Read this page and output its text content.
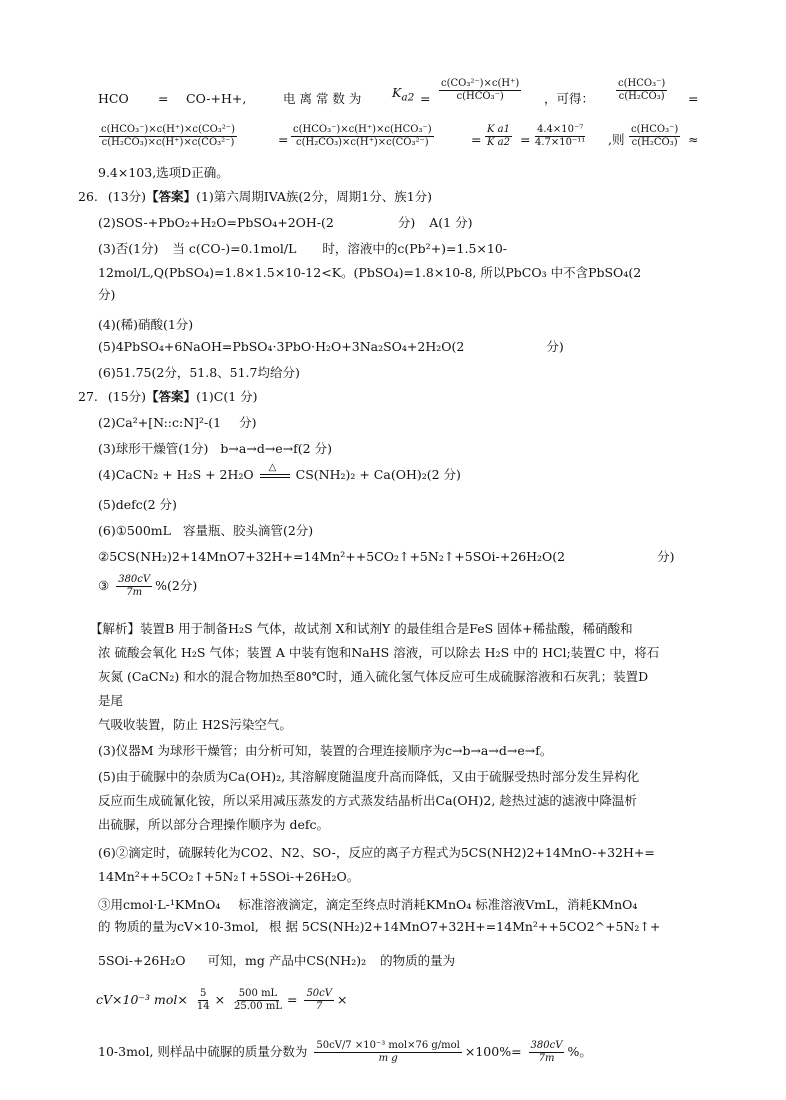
HCO = CO-+H+,	电 离 常 数 为 $K_{a2}$ =
c(CO₃²⁻)×c(H⁺)
c(HCO₃⁻)	，可得：
c(HCO₃⁻)
c(H₂CO₃) =
c(HCO₃⁻)×c(H⁺)×c(CO₃²⁻)
c(H₂CO₃)×c(H⁺)×c(CO₃²⁻)	=
c(HCO₃⁻)×c(H⁺)×c(HCO₃⁻)
c(H₂CO₃)×c(H⁺)×c(CO₃²⁻)	= $\frac{\text{K a1}}{\text{K a2}} = \frac{\text{4.4×10⁻⁷}}{\text{4.7×10⁻¹¹}}$ ,则
c(HCO₃⁻)
c(H₂CO₃) ≈
9.4×103,选项D正确。
26. (13分)【答案】(1)第六周期IVA族(2分，周期1分、族1分)
(2)SOS-+PbO₂+H₂O=PbSO₄+2OH-(2	分) A(1 分)
(3)否(1分) 当 c(CO-)=0.1mol/L 时，溶液中的c(Pb²+)=1.5×10-
12mol/L,Q(PbSO₄)=1.8×1.5×10-12<K。(PbSO₄)=1.8×10-8, 所以PbCO₃ 中不含PbSO₄(2
分)
(4)(稀)硝酸(1分)
(5)4PbSO₄+6NaOH=PbSO₄·3PbO·H₂O+3Na₂SO₄+2H₂O(2	分)
(6)51.75(2分，51.8、51.7均给分)
27. (15分)【答案】(1)C(1 分)
(2)Ca²+[N::c:N]²-(1 分)
(3)球形干燥管(1分) b→a→d→e→f(2 分)
(4)CaCN₂ + H₂S + 2H₂O △ CS(NH₂)₂ + Ca(OH)₂(2 分)
(5)defc(2 分)
(6)①500mL 容量瓶、胶头滴管(2分)
②5CS(NH₂)2+14MnO7+32H+=14Mn²++5CO₂↑+5N₂↑+5SOi-+26H₂O(2	分)
③ $\frac{380cV}{7m} \%(2$分)
【解析】装置B 用于制备H₂S 气体，故试剂 X和试剂Y 的最佳组合是FeS 固体+稀盐酸，稀硝酸和
浓 硫酸会氧化 H₂S 气体；装置 A 中装有饱和NaHS 溶液，可以除去 H₂S 中的 HCl;装置C 中，将石
灰氮 (CaCN₂) 和水的混合物加热至80℃时，通入硫化氢气体反应可生成硫脲溶液和石灰乳；装置D
是尾
气吸收装置，防止 H2S污染空气。
(3)仪器M 为球形干燥管；由分析可知，装置的合理连接顺序为c→b→a→d→e→f。
(5)由于硫脲中的杂质为Ca(OH)₂, 其溶解度随温度升高而降低，又由于硫脲受热时部分发生异构化
反应而生成硫氰化铵，所以采用减压蒸发的方式蒸发结晶析出Ca(OH)2, 趁热过滤的滤液中降温析
出硫脲，所以部分合理操作顺序为 defc。
(6)②滴定时，硫脲转化为CO2、N2、SO-，反应的离子方程式为5CS(NH2)2+14MnO-+32H+=
14Mn²++5CO₂↑+5N₂↑+5SOi-+26H₂O。
③用cmol·L-¹KMnO₄ 标准溶液滴定，滴定至终点时消耗KMnO₄ 标准溶液VmL，消耗KMnO₄
的 物质的量为cV×10-3mol, 根 据 5CS(NH₂)2+14MnO7+32H+=14Mn²++5CO2^+5N₂↑+
5SOi-+26H₂O 可知，mg 产品中CS(NH₂)₂ 的物质的量为
cV×10⁻³ $mol\times \frac{5}{14} \times \frac{500 mL}{25.00 mL} = \frac{50cV}{7}$ ×
10-3mol, 则样品中硫脲的质量分数为 $\frac{\text{50cV/7 ×10⁻³ mol×76 g/mol}}{\text{m g}} \times 100\%= \frac{380cV}{7m}$ %。
